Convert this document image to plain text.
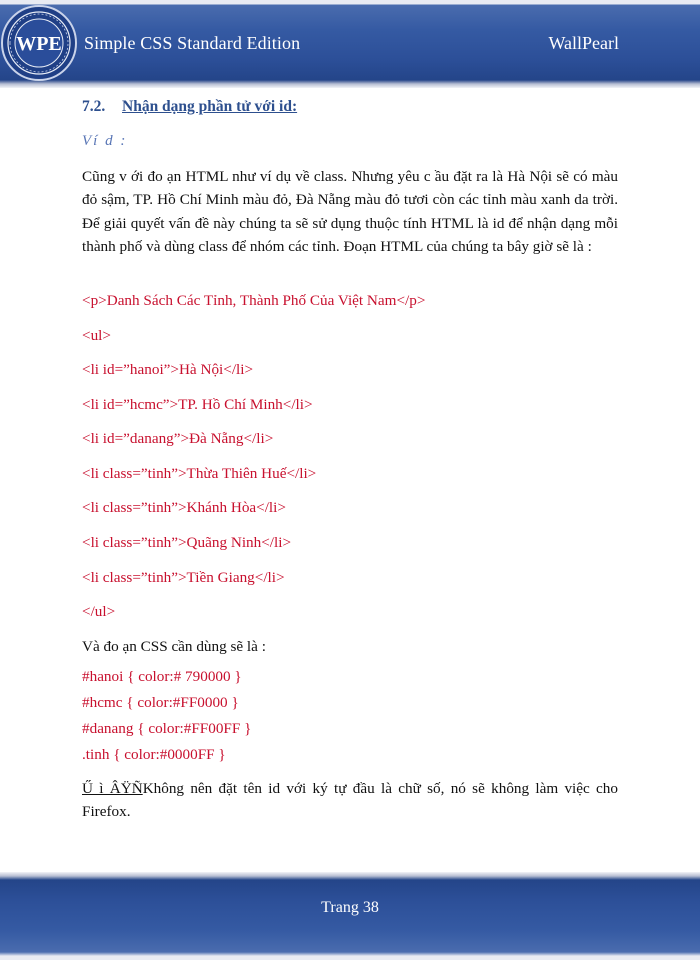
WPE Simple CSS Standard Edition	WallPearl
7.2. Nhận dạng phần tử với id:
Ví d :
Cũng v ới đo ạn HTML như ví dụ về class. Nhưng yêu c ầu đặt ra là Hà Nội sẽ có màu đỏ sậm, TP. Hồ Chí Minh màu đỏ, Đà Nẵng màu đỏ tươi còn các tỉnh màu xanh da trời. Để giải quyết vấn đề này chúng ta sẽ sử dụng thuộc tính HTML là id để nhận dạng mỗi thành phố và dùng class để nhóm các tỉnh. Đoạn HTML của chúng ta bây giờ sẽ là :
<p>Danh Sách Các Tỉnh, Thành Phố Của Việt Nam</p>
<ul>
<li id=”hanoi”>Hà Nội</li>
<li id=”hcmc”>TP. Hồ Chí Minh</li>
<li id=”danang”>Đà Nẵng</li>
<li class=”tinh”>Thừa Thiên Huế</li>
<li class=”tinh”>Khánh Hòa</li>
<li class=”tinh”>Quãng Ninh</li>
<li class=”tinh”>Tiền Giang</li>
</ul>
Và đo ạn CSS cần dùng sẽ là :
#hanoi { color:# 790000 }
#hcmc { color:#FF0000 }
#danang { color:#FF00FF }
.tinh { color:#0000FF }
Ű ì ÂŸÑKhông nên đặt tên id với ký tự đầu là chữ số, nó sẽ không làm việc cho Firefox.
Trang 38
